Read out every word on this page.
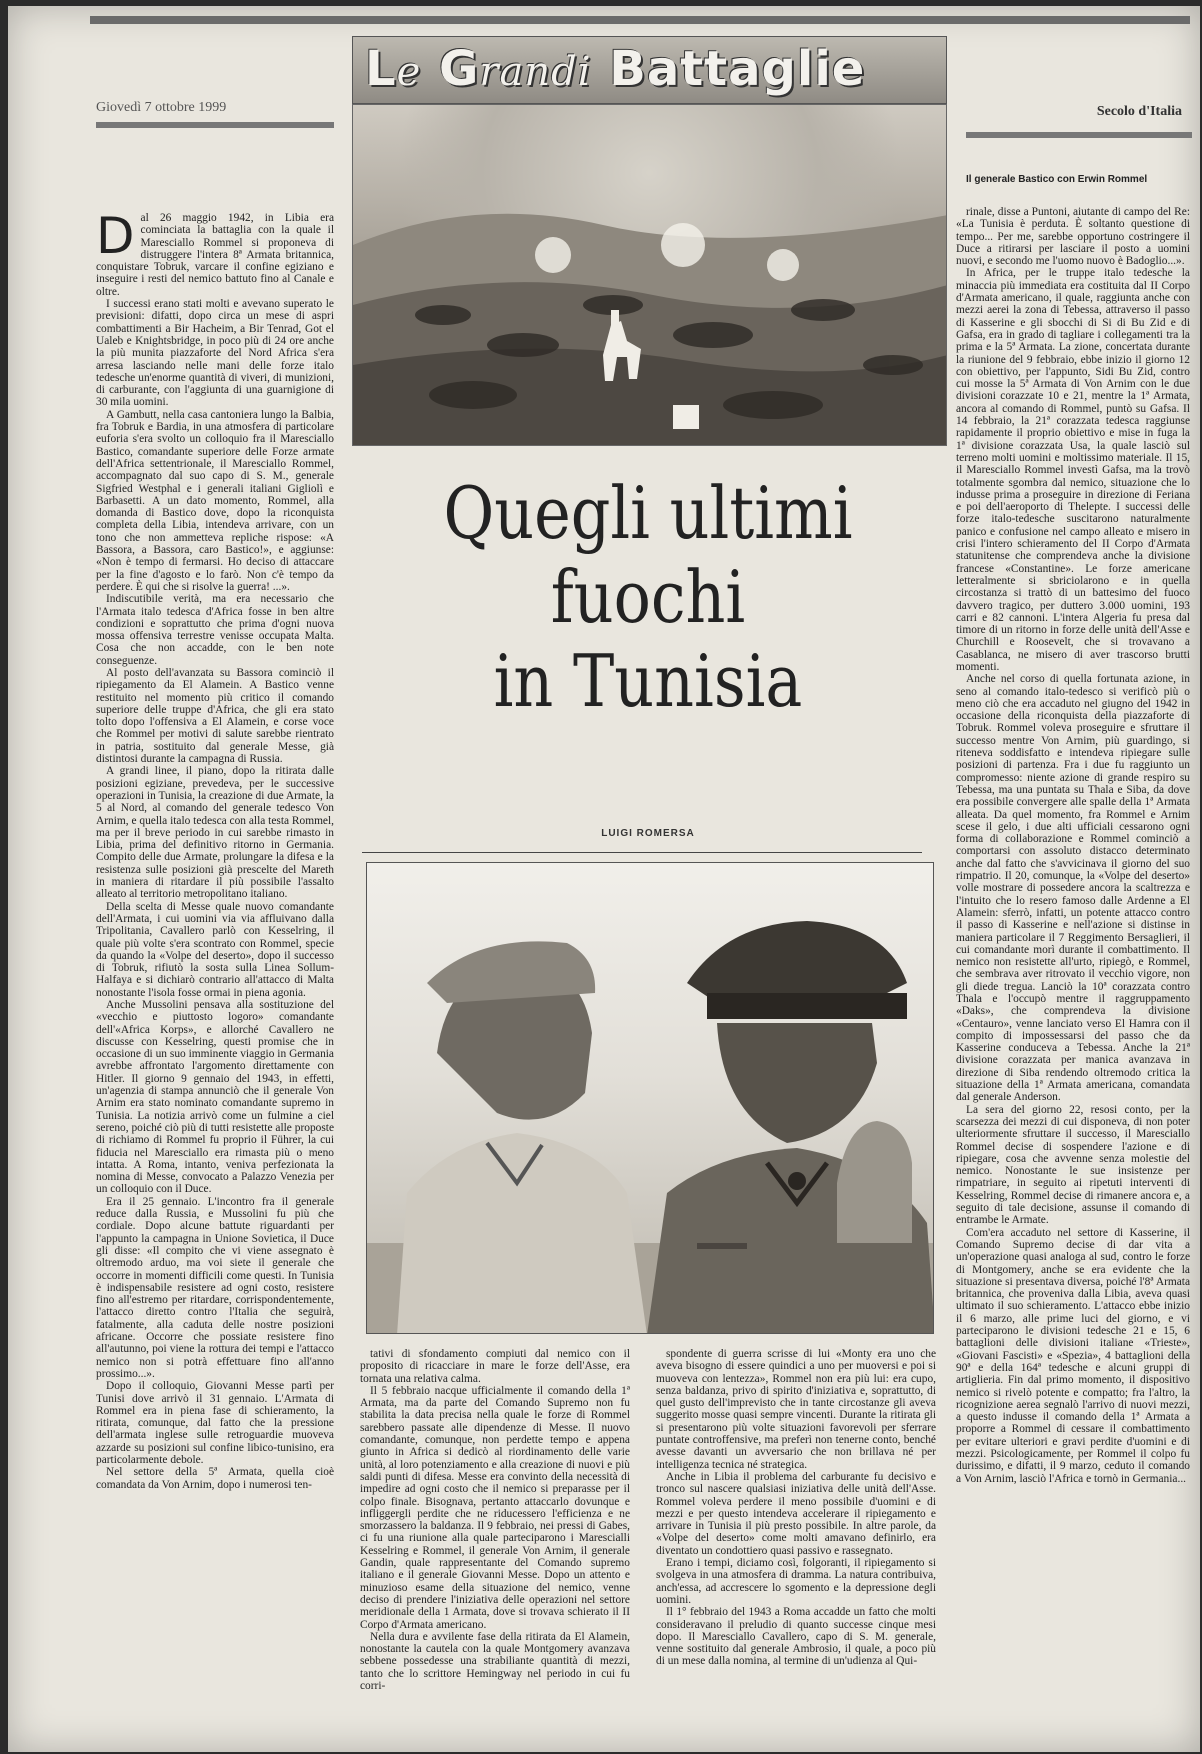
Giovedì 7 ottobre 1999	Secolo d'Italia
Le Grandi Battaglie
Quegli ultimi
fuochi
in Tunisia
LUIGI ROMERSA
Il generale Bastico con Erwin Rommel

Dal 26 maggio 1942, in Libia era cominciata la battaglia con la quale il Maresciallo Rommel si proponeva di distruggere l'intera 8ª Armata britannica, conquistare Tobruk, varcare il confine egiziano e inseguire i resti del nemico battuto fino al Canale e oltre.

I successi erano stati molti e avevano superato le previsioni: difatti, dopo circa un mese di aspri combattimenti a Bir Hacheim, a Bir Tenrad, Got el Ualeb e Knightsbridge, in poco più di 24 ore anche la più munita piazzaforte del Nord Africa s'era arresa lasciando nelle mani delle forze italo tedesche un'enorme quantità di viveri, di munizioni, di carburante, con l'aggiunta di una guarnigione di 30 mila uomini.

A Gambutt, nella casa cantoniera lungo la Balbia, fra Tobruk e Bardia, in una atmosfera di particolare euforia s'era svolto un colloquio fra il Maresciallo Bastico, comandante superiore delle Forze armate dell'Africa settentrionale, il Maresciallo Rommel, accompagnato dal suo capo di S. M., generale Sigfried Westphal e i generali italiani Gigliolì e Barbasetti. A un dato momento, Rommel, alla domanda di Bastico dove, dopo la riconquista completa della Libia, intendeva arrivare, con un tono che non ammetteva repliche rispose: «A Bassora, a Bassora, caro Bastico!», e aggiunse: «Non è tempo di fermarsi. Ho deciso di attaccare per la fine d'agosto e lo farò. Non c'è tempo da perdere. È qui che si risolve la guerra! ...».

Indiscutibile verità, ma era necessario che l'Armata italo tedesca d'Africa fosse in ben altre condizioni e soprattutto che prima d'ogni nuova mossa offensiva terrestre venisse occupata Malta. Cosa che non accadde, con le ben note conseguenze.

Al posto dell'avanzata su Bassora cominciò il ripiegamento da El Alamein. A Bastico venne restituito nel momento più critico il comando superiore delle truppe d'Africa, che gli era stato tolto dopo l'offensiva a El Alamein, e corse voce che Rommel per motivi di salute sarebbe rientrato in patria, sostituito dal generale Messe, già distintosi durante la campagna di Russia.

A grandi linee, il piano, dopo la ritirata dalle posizioni egiziane, prevedeva, per le successive operazioni in Tunisia, la creazione di due Armate, la 5 al Nord, al comando del generale tedesco Von Arnim, e quella italo tedesca con alla testa Rommel, ma per il breve periodo in cui sarebbe rimasto in Libia, prima del definitivo ritorno in Germania. Compito delle due Armate, prolungare la difesa e la resistenza sulle posizioni già prescelte del Mareth in maniera di ritardare il più possibile l'assalto alleato al territorio metropolitano italiano.

Della scelta di Messe quale nuovo comandante dell'Armata, i cui uomini via via affluivano dalla Tripolitania, Cavallero parlò con Kesselring, il quale più volte s'era scontrato con Rommel, specie da quando la «Volpe del deserto», dopo il successo di Tobruk, rifiutò la sosta sulla Linea Sollum-Halfaya e si dichiarò contrario all'attacco di Malta nonostante l'isola fosse ormai in piena agonia.

Anche Mussolini pensava alla sostituzione del «vecchio e piuttosto logoro» comandante dell'«Africa Korps», e allorché Cavallero ne discusse con Kesselring, questi promise che in occasione di un suo imminente viaggio in Germania avrebbe affrontato l'argomento direttamente con Hitler. Il giorno 9 gennaio del 1943, in effetti, un'agenzia di stampa annunciò che il generale Von Arnim era stato nominato comandante supremo in Tunisia. La notizia arrivò come un fulmine a ciel sereno, poiché ciò più di tutti resistette alle proposte di richiamo di Rommel fu proprio il Führer, la cui fiducia nel Maresciallo era rimasta più o meno intatta. A Roma, intanto, veniva perfezionata la nomina di Messe, convocato a Palazzo Venezia per un colloquio con il Duce.

Era il 25 gennaio. L'incontro fra il generale reduce dalla Russia, e Mussolini fu più che cordiale. Dopo alcune battute riguardanti per l'appunto la campagna in Unione Sovietica, il Duce gli disse: «Il compito che vi viene assegnato è oltremodo arduo, ma voi siete il generale che occorre in momenti difficili come questi. In Tunisia è indispensabile resistere ad ogni costo, resistere fino all'estremo per ritardare, corrispondentemente, l'attacco diretto contro l'Italia che seguirà, fatalmente, alla caduta delle nostre posizioni africane. Occorre che possiate resistere fino all'autunno, poi viene la rottura dei tempi e l'attacco nemico non si potrà effettuare fino all'anno prossimo...».

Dopo il colloquio, Giovanni Messe partì per Tunisi dove arrivò il 31 gennaio. L'Armata di Rommel era in piena fase di schieramento, la ritirata, comunque, dal fatto che la pressione dell'armata inglese sulle retroguardie muoveva azzarde su posizioni sul confine libico-tunisino, era particolarmente debole.

Nel settore della 5ª Armata, quella cioè comandata da Von Arnim, dopo i numerosi ten-

tativi di sfondamento compiuti dal nemico con il proposito di ricacciare in mare le forze dell'Asse, era tornata una relativa calma.

Il 5 febbraio nacque ufficialmente il comando della 1ª Armata, ma da parte del Comando Supremo non fu stabilita la data precisa nella quale le forze di Rommel sarebbero passate alle dipendenze di Messe. Il nuovo comandante, comunque, non perdette tempo e appena giunto in Africa si dedicò al riordinamento delle varie unità, al loro potenziamento e alla creazione di nuovi e più saldi punti di difesa. Messe era convinto della necessità di impedire ad ogni costo che il nemico si preparasse per il colpo finale. Bisognava, pertanto attaccarlo dovunque e infliggergli perdite che ne riducessero l'efficienza e ne smorzassero la baldanza. Il 9 febbraio, nei pressi di Gabes, ci fu una riunione alla quale parteciparono i Marescialli Kesselring e Rommel, il generale Von Arnim, il generale Gandin, quale rappresentante del Comando supremo italiano e il generale Giovanni Messe. Dopo un attento e minuzioso esame della situazione del nemico, venne deciso di prendere l'iniziativa delle operazioni nel settore meridionale della 1 Armata, dove si trovava schierato il II Corpo d'Armata americano.

Nella dura e avvilente fase della ritirata da El Alamein, nonostante la cautela con la quale Montgomery avanzava sebbene possedesse una strabiliante quantità di mezzi, tanto che lo scrittore Hemingway nel periodo in cui fu corri-

spondente di guerra scrisse di lui «Monty era uno che aveva bisogno di essere quindici a uno per muoversi e poi si muoveva con lentezza», Rommel non era più lui: era cupo, senza baldanza, privo di spirito d'iniziativa e, soprattutto, di quel gusto dell'imprevisto che in tante circostanze gli aveva suggerito mosse quasi sempre vincenti. Durante la ritirata gli si presentarono più volte situazioni favorevoli per sferrare puntate controffensive, ma preferì non tenerne conto, benché avesse davanti un avversario che non brillava né per intelligenza tecnica né strategica.

Anche in Libia il problema del carburante fu decisivo e tronco sul nascere qualsiasi iniziativa delle unità dell'Asse. Rommel voleva perdere il meno possibile d'uomini e di mezzi e per questo intendeva accelerare il ripiegamento e arrivare in Tunisia il più presto possibile. In altre parole, da «Volpe del deserto» come molti amavano definirlo, era diventato un condottiero quasi passivo e rassegnato.

Erano i tempi, diciamo così, folgoranti, il ripiegamento si svolgeva in una atmosfera di dramma. La natura contribuiva, anch'essa, ad accrescere lo sgomento e la depressione degli uomini.

Il 1° febbraio del 1943 a Roma accadde un fatto che molti consideravano il preludio di quanto successe cinque mesi dopo. Il Maresciallo Cavallero, capo di S. M. generale, venne sostituito dal generale Ambrosio, il quale, a poco più di un mese dalla nomina, al termine di un'udienza al Qui-

rinale, disse a Puntoni, aiutante di campo del Re: «La Tunisia è perduta. È soltanto questione di tempo... Per me, sarebbe opportuno costringere il Duce a ritirarsi per lasciare il posto a uomini nuovi, e secondo me l'uomo nuovo è Badoglio...».

In Africa, per le truppe italo tedesche la minaccia più immediata era costituita dal II Corpo d'Armata americano, il quale, raggiunta anche con mezzi aerei la zona di Tebessa, attraverso il passo di Kasserine e gli sbocchi di Si di Bu Zid e di Gafsa, era in grado di tagliare i collegamenti tra la prima e la 5ª Armata. La zione, concertata durante la riunione del 9 febbraio, ebbe inizio il giorno 12 con obiettivo, per l'appunto, Sidi Bu Zid, contro cui mosse la 5ª Armata di Von Arnim con le due divisioni corazzate 10 e 21, mentre la 1ª Armata, ancora al comando di Rommel, puntò su Gafsa. Il 14 febbraio, la 21ª corazzata tedesca raggiunse rapidamente il proprio obiettivo e mise in fuga la 1ª divisione corazzata Usa, la quale lasciò sul terreno molti uomini e moltissimo materiale. Il 15, il Maresciallo Rommel investì Gafsa, ma la trovò totalmente sgombra dal nemico, situazione che lo indusse prima a proseguire in direzione di Feriana e poi dell'aeroporto di Thelepte. I successi delle forze italo-tedesche suscitarono naturalmente panico e confusione nel campo alleato e misero in crisi l'intero schieramento del II Corpo d'Armata statunitense che comprendeva anche la divisione francese «Constantine». Le forze americane letteralmente si sbriciolarono e in quella circostanza si trattò di un battesimo del fuoco davvero tragico, per duttero 3.000 uomini, 193 carri e 82 cannoni. L'intera Algeria fu presa dal timore di un ritorno in forze delle unità dell'Asse e Churchill e Roosevelt, che si trovavano a Casablanca, ne misero di aver trascorso brutti momenti.

Anche nel corso di quella fortunata azione, in seno al comando italo-tedesco si verificò più o meno ciò che era accaduto nel giugno del 1942 in occasione della riconquista della piazzaforte di Tobruk. Rommel voleva proseguire e sfruttare il successo mentre Von Arnim, più guardingo, si riteneva soddisfatto e intendeva ripiegare sulle posizioni di partenza. Fra i due fu raggiunto un compromesso: niente azione di grande respiro su Tebessa, ma una puntata su Thala e Siba, da dove era possibile convergere alle spalle della 1ª Armata alleata. Da quel momento, fra Rommel e Arnim scese il gelo, i due alti ufficiali cessarono ogni forma di collaborazione e Rommel cominciò a comportarsi con assoluto distacco determinato anche dal fatto che s'avvicinava il giorno del suo rimpatrio. Il 20, comunque, la «Volpe del deserto» volle mostrare di possedere ancora la scaltrezza e l'intuito che lo resero famoso dalle Ardenne a El Alamein: sferrò, infatti, un potente attacco contro il passo di Kasserine e nell'azione si distinse in maniera particolare il 7 Reggimento Bersaglieri, il cui comandante morì durante il combattimento. Il nemico non resistette all'urto, ripiegò, e Rommel, che sembrava aver ritrovato il vecchio vigore, non gli diede tregua. Lanciò la 10ª corazzata contro Thala e l'occupò mentre il raggruppamento «Daks», che comprendeva la divisione «Centauro», venne lanciato verso El Hamra con il compito di impossessarsi del passo che da Kasserine conduceva a Tebessa. Anche la 21ª divisione corazzata per manica avanzava in direzione di Siba rendendo oltremodo critica la situazione della 1ª Armata americana, comandata dal generale Anderson.

La sera del giorno 22, resosi conto, per la scarsezza dei mezzi di cui disponeva, di non poter ulteriormente sfruttare il successo, il Maresciallo Rommel decise di sospendere l'azione e di ripiegare, cosa che avvenne senza molestie del nemico. Nonostante le sue insistenze per rimpatriare, in seguito ai ripetuti interventi di Kesselring, Rommel decise di rimanere ancora e, a seguito di tale decisione, assunse il comando di entrambe le Armate.

Com'era accaduto nel settore di Kasserine, il Comando Supremo decise di dar vita a un'operazione quasi analoga al sud, contro le forze di Montgomery, anche se era evidente che la situazione si presentava diversa, poiché l'8ª Armata britannica, che proveniva dalla Libia, aveva quasi ultimato il suo schieramento. L'attacco ebbe inizio il 6 marzo, alle prime luci del giorno, e vi parteciparono le divisioni tedesche 21 e 15, 6 battaglioni delle divisioni italiane «Trieste», «Giovani Fascisti» e «Spezia», 4 battaglioni della 90ª e della 164ª tedesche e alcuni gruppi di artiglieria. Fin dal primo momento, il dispositivo nemico si rivelò potente e compatto; fra l'altro, la ricognizione aerea segnalò l'arrivo di nuovi mezzi, a questo indusse il comando della 1ª Armata a proporre a Rommel di cessare il combattimento per evitare ulteriori e gravi perdite d'uomini e di mezzi. Psicologicamente, per Rommel il colpo fu durissimo, e difatti, il 9 marzo, ceduto il comando a Von Arnim, lasciò l'Africa e tornò in Germania...
